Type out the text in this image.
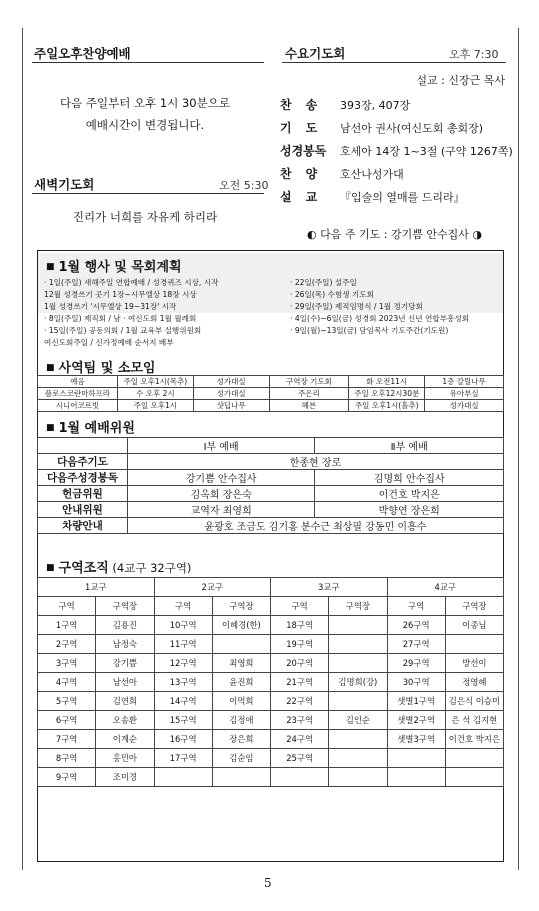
주일오후찬양예배
다음 주일부터 오후 1시 30분으로
예배시간이 변경됩니다.
새벽기도회	오전 5:30
진리가 너희를 자유케 하리라
수요기도회	오후 7:30
설교 : 신장근 목사
찬송 393장, 407장
기도 남선아 권사(여신도회 총회장)
성경봉독 호세아 14장 1~3절 (구약 1267쪽)
찬양 호산나성가대
설교 『입술의 열매를 드리라』
◐ 다음 주 기도 : 강기쁨 안수집사 ◑
■ 1월 행사 및 목회계획
· 1일(주일) 새해주일 연합예배 / 성경퀴즈 시상, 시작
12월 성경쓰기 곳기 1장~시무엘상 18장 시상
1월 성경쓰기 '시무엘상 19~31장' 시작
· 8일(주일) 제직회 / 남 · 여신도회 1월 월례회
· 15일(주일) 공동의회 / 1월 교육부 실행위원회
여신도회주일 / 신가정예배 순서지 배부
· 22일(주일) 설주일
· 26일(목) 수험생 기도회
· 29일(주일) 제직임명식 / 1월 정기당회
· 4일(수)~6일(금) 성경회 2023년 신년 연합부흥성회
· 9일(월)~13일(금) 담임목사 기도주간(기도원)
■ 사역팀 및 소모임
예음	주일 오후1시(목추)	성가대실	구역장 기도회	화 오전11시	1층 갈릴나무
플로스코란마하프라	수 오후 2시	성가대실	주은리	주일 오후12시30분	유아부실
시니어코르빗	주일 오후1시	샷딥나무	혜븐	주일 오후1시(홀추)	성가대실
■ 1월 예배위원
	Ⅰ부 예배	Ⅱ부 예배
다음주기도	한종현 장로	
다음주성경봉독	강기쁨 안수집사	김명희 안수집사
헌금위원	김옥희 장은숙	이건호 박지은
안내위원	교역자 최영희	박향연 장은희
차량안내	윤광호 조금도 김기홍 분수근 최상필 강동민 이흥수	
■ 구역조직 (4교구 32구역)
1교구		2교구		3교구		4교구	
구역	구역장	구역	구역장	구역	구역장	구역	구역장
1구역	김용진	10구역	이혜경(한)	18구역		26구역	이종님
2구역	남정숙	11구역		19구역		27구역	
3구역	강기쁨	12구역	최영희	20구역		29구역	방선이
4구역	남선아	13구역	윤진희	21구역	김명희(강)	30구역	정영혜
5구역	김연희	14구역	이먹희	22구역		샛별1구역	김은식 이승미
6구역	오송환	15구역	김정애	23구역	김인순	샛별2구역	은 석 김지현
7구역	이계순	16구역	장은희	24구역		샛별3구역	이건호 박지은
8구역	홍민아	17구역	김순임	25구역			
9구역	조미경						
5
